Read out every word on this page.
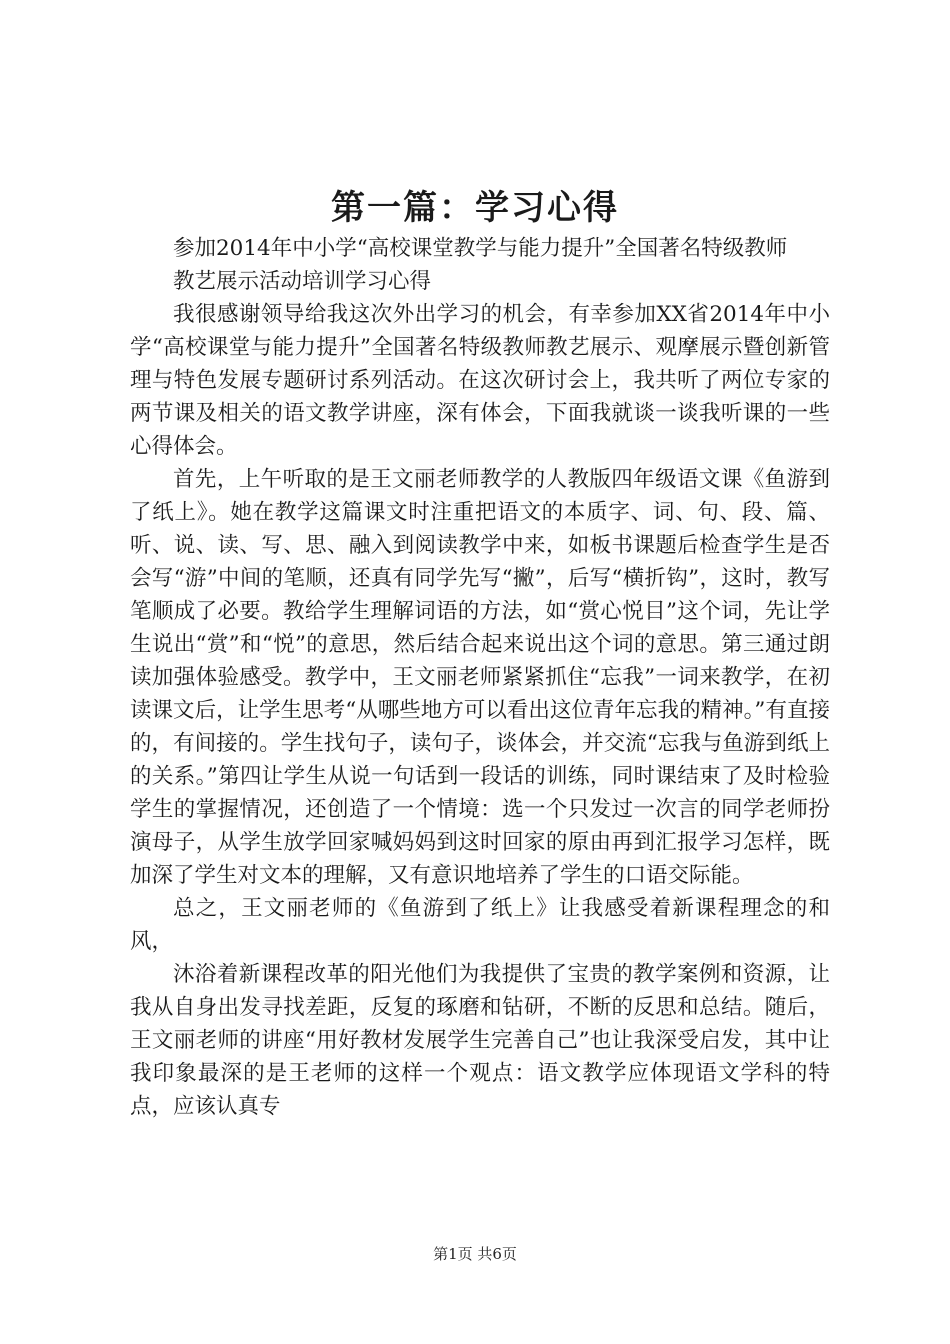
第一篇：学习心得

参加2014年中小学“高校课堂教学与能力提升”全国著名特级教师

教艺展示活动培训学习心得

我很感谢领导给我这次外出学习的机会，有幸参加XX省2014年中小学“高校课堂与能力提升”全国著名特级教师教艺展示、观摩展示暨创新管理与特色发展专题研讨系列活动。在这次研讨会上，我共听了两位专家的两节课及相关的语文教学讲座，深有体会，下面我就谈一谈我听课的一些心得体会。

首先，上午听取的是王文丽老师教学的人教版四年级语文课《鱼游到了纸上》。她在教学这篇课文时注重把语文的本质字、词、句、段、篇、听、说、读、写、思、融入到阅读教学中来，如板书课题后检查学生是否会写“游”中间的笔顺，还真有同学先写“撇”，后写“横折钩”，这时，教写笔顺成了必要。教给学生理解词语的方法，如“赏心悦目”这个词，先让学生说出“赏”和“悦”的意思，然后结合起来说出这个词的意思。第三通过朗读加强体验感受。教学中，王文丽老师紧紧抓住“忘我”一词来教学，在初读课文后，让学生思考“从哪些地方可以看出这位青年忘我的精神。”有直接的，有间接的。学生找句子，读句子，谈体会，并交流“忘我与鱼游到纸上的关系。”第四让学生从说一句话到一段话的训练，同时课结束了及时检验学生的掌握情况，还创造了一个情境：选一个只发过一次言的同学老师扮演母子，从学生放学回家喊妈妈到这时回家的原由再到汇报学习怎样，既加深了学生对文本的理解，又有意识地培养了学生的口语交际能。

总之，王文丽老师的《鱼游到了纸上》让我感受着新课程理念的和风，

沐浴着新课程改革的阳光他们为我提供了宝贵的教学案例和资源，让我从自身出发寻找差距，反复的琢磨和钻研，不断的反思和总结。随后，王文丽老师的讲座“用好教材发展学生完善自己”也让我深受启发，其中让我印象最深的是王老师的这样一个观点：语文教学应体现语文学科的特点，应该认真专

第1页 共6页
